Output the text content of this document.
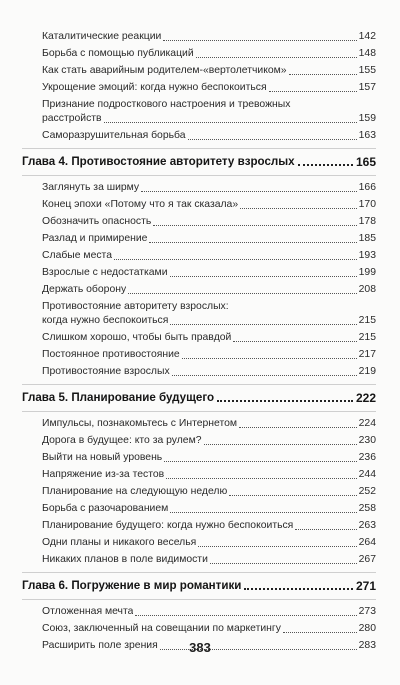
Каталитические реакции	142
Борьба с помощью публикаций	148
Как стать аварийным родителем-«вертолетчиком»	155
Укрощение эмоций: когда нужно беспокоиться	157
Признание подросткового настроения и тревожных
расстройств	159
Саморазрушительная борьба	163
Глава 4. Противостояние авторитету взрослых	165
Заглянуть за ширму	166
Конец эпохи «Потому что я так сказала»	170
Обозначить опасность	178
Разлад и примирение	185
Слабые места	193
Взрослые с недостатками	199
Держать оборону	208
Противостояние авторитету взрослых:
когда нужно беспокоиться	215
Слишком хорошо, чтобы быть правдой	215
Постоянное противостояние	217
Противостояние взрослых	219
Глава 5. Планирование будущего	222
Импульсы, познакомьтесь с Интернетом	224
Дорога в будущее: кто за рулем?	230
Выйти на новый уровень	236
Напряжение из-за тестов	244
Планирование на следующую неделю	252
Борьба с разочарованием	258
Планирование будущего: когда нужно беспокоиться	263
Одни планы и никакого веселья	264
Никаких планов в поле видимости	267
Глава 6. Погружение в мир романтики	271
Отложенная мечта	273
Союз, заключенный на совещании по маркетингу	280
Расширить поле зрения	283
383
